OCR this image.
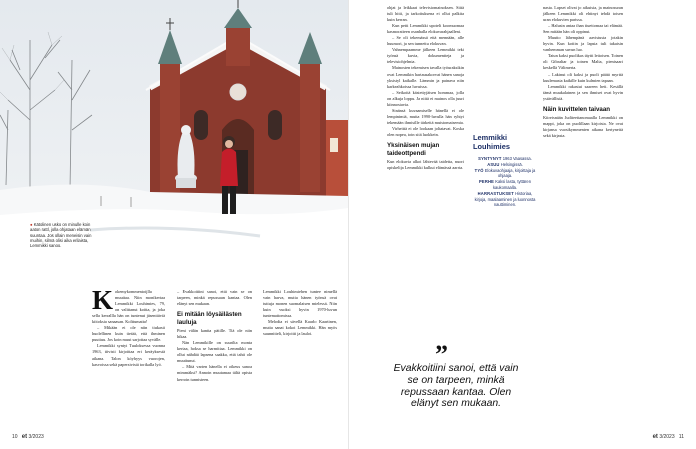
● Kätolinen usko on minulle koin aaton rattl, jolla ohjataan elämän suuntaa. Jos ollain meneisin vain muihin, silmä olisi aika erilaista, Lemmikki sanoo.

K okemykommentoijlla muuttaa. Niin monikertaa Lemmikki Louhimies, 79, on valittanut koitta, ja joka sella kerrallla hän on tuntenut jäsenttäviä kiitoksia sanaasan. Kolttumatta!

– Mikään ei ole niin tiukasti huolellinen kuin tietää, että ihminen puuttuu. Jos koin muut sarjottaa syvälle.

Lemmikki syntyi Tuuloksessa vuonna 1963, tiivisti kirjoittaa eri keräyksestä aikana. Talon köyhyys vuorojen, kasvoissa sekä papersivistä torikalla lyö.

– Evakkoitiini sanoi, että vain se on tarpeen, minkä repussaan kantaa. Olen elänyt sen mukaan.

Ei mitään löysäilästen lauluja

Pieni välän kantta pätille. Tiä ole niin hikaa.

Nän Lemmikille on suurilta monta kertaa, hoksa se harmittaa. Lemmikki on ollut nähdää lapsena saakka, että tahti ole muuttunut.

– Mitä varten hänella ei oikeus sanoa mimmäksi? Annoin muutamaa tältä opista kerroin tunnisteen.

Lemmikki Louhimiehen tuntee nimellä vain harva, mutta hänen työnsä ovat tuttuja monen suomalaisen mielessä. Niin kuin vuoksi hyvin 1970-luvun tuntemattomissa.

Melodia ei sävellä Kaarlo Kaartinen, mutta sanat kokoi Lemmikki. Hän myös suunnitteli, kirjoitti ja lauloi.

10 et 3/2023

ohjat ja leikkaat televisiomainoksen. Siitä tuli hitti, ja tarkoituksena ei ollut palkita kuin kerran.

Kun petti Lemmikki upoteli koomuomaa kasmoratteen osanhalla elokuvarahjaalleni.

– Se oli tekemässä että mennään, alle huumori, ja sen tunnettu elokuvan.

Vahnempaamme jälkeen Lemmikki teki työnsä kuvia, dokumentteja ja televisiohjelmia.

Mainosten tekemisen tavalla työuraksikin ovat Lemmikin hartausakorvat hänen sanoja yksistyl kaikalle. Lämmin ja painava niin karkeahkoissa luvuissa.

– Seikoitä kästettyjäisen hommaa, jolla on alkuja loppu. Ja niitä ei mainos olla juuri kiinnostavia.

Sinänsä kuvaamiselle hänellä ei ole lempinimiä, mutta 1990-luvulla hän ryhtyi tekemään ihmisille tärkeitä muistomaisemia.

Virheittä ei ole lookaan joltatavat. Koska olen nopea, toin sitä luokkein.

Yksinäisen mujan taideottpendi

Kun elokuvia alkoi lähtevää taidetta, nuori opiskelija Lemmikki kulkui elämässä aarrta.

Lemmikki Louhimies
SYNTYNYT 1963 Vaasassa.
ASUU Helsingissä.
TYÖ Elokuvaohjaaja, kirjoittaja ja ohjaaja.
PERHE Kaksi lasta, tyttären kaukomaalla.
HARRASTUKSET Historiaa, kirjoja, maalaaminen ja luonnosta nauttiminen.

nasta. Lapset olivat jo aikuisia, ja mainosuran jälkeen Lemmikki oli ehtinyt tehdä toisen uran elokuvien parissa.

– Halusin antaa ihan tiuettomaa tai elämää. Sen mitään hän oli oppinut.

Muutto lähempänä aavistusta jotakin hyvin. Kun kotiin ja lapsia tuli takaisin vanhemman suvun luo.

Taiun kaksi puolikas täytti lettoisen. Toinen oli Gibraltar ja toinen Malta, pienisaari keskellä Välimerta.

– Lakinut oli kaksi ja puoli päätä myrttä kuulemasta kaikille kuin kulmien tapaan.

Lemmikki rakastui saareen heti. Kesällä tämä muukalainen ja sen ihmiset ovat hyvin ystävällisiä.

Näin kuvittelen taivaan

Kiireisnään Juditeettanomaalla Lemmikki on mappi, joka on puolillaan kirjoista. Ne ovat kirjansa vuosikymmenten aikana kertyneitä sekä kirjasta.

”
Evakkoitiini sanoi, että vain se on tarpeen, minkä repussaan kantaa. Olen elänyt sen mukaan.
et 3/2023 11
